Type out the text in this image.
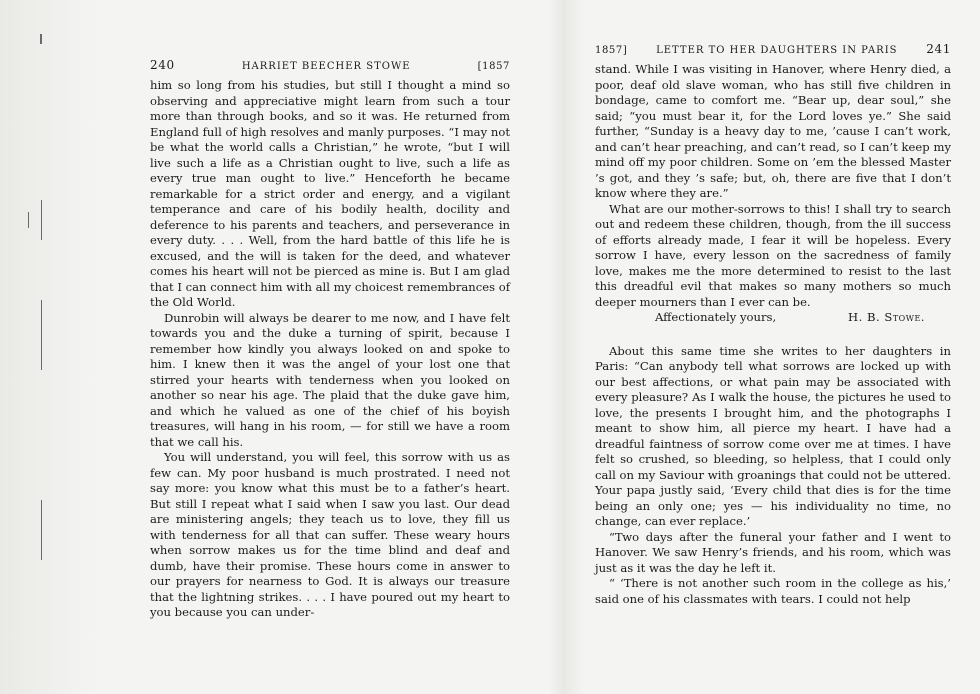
240	HARRIET BEECHER STOWE	[1857

him so long from his studies, but still I thought a mind so observing and appreciative might learn from such a tour more than through books, and so it was. He returned from England full of high resolves and manly purposes. “I may not be what the world calls a Christian,” he wrote, “but I will live such a life as a Christian ought to live, such a life as every true man ought to live.” Henceforth he became remarkable for a strict order and energy, and a vigilant temperance and care of his bodily health, docility and deference to his parents and teachers, and perseverance in every duty. . . . Well, from the hard battle of this life he is excused, and the will is taken for the deed, and whatever comes his heart will not be pierced as mine is. But I am glad that I can connect him with all my choicest remembrances of the Old World.

Dunrobin will always be dearer to me now, and I have felt towards you and the duke a turning of spirit, because I remember how kindly you always looked on and spoke to him. I knew then it was the angel of your lost one that stirred your hearts with tenderness when you looked on another so near his age. The plaid that the duke gave him, and which he valued as one of the chief of his boyish treasures, will hang in his room, — for still we have a room that we call his.

You will understand, you will feel, this sorrow with us as few can. My poor husband is much prostrated. I need not say more: you know what this must be to a father’s heart. But still I repeat what I said when I saw you last. Our dead are ministering angels; they teach us to love, they fill us with tenderness for all that can suffer. These weary hours when sorrow makes us for the time blind and deaf and dumb, have their promise. These hours come in answer to our prayers for nearness to God. It is always our treasure that the lightning strikes. . . . I have poured out my heart to you because you can under-

1857]	LETTER TO HER DAUGHTERS IN PARIS 241

stand. While I was visiting in Hanover, where Henry died, a poor, deaf old slave woman, who has still five children in bondage, came to comfort me. “Bear up, dear soul,” she said; “you must bear it, for the Lord loves ye.” She said further, “Sunday is a heavy day to me, ’cause I can’t work, and can’t hear preaching, and can’t read, so I can’t keep my mind off my poor children. Some on ’em the blessed Master ’s got, and they ’s safe; but, oh, there are five that I don’t know where they are.”

What are our mother-sorrows to this! I shall try to search out and redeem these children, though, from the ill success of efforts already made, I fear it will be hopeless. Every sorrow I have, every lesson on the sacredness of family love, makes me the more determined to resist to the last this dreadful evil that makes so many mothers so much deeper mourners than I ever can be.

Affectionately yours,	H. B. Stowe.

About this same time she writes to her daughters in Paris: “Can anybody tell what sorrows are locked up with our best affections, or what pain may be associated with every pleasure? As I walk the house, the pictures he used to love, the presents I brought him, and the photographs I meant to show him, all pierce my heart. I have had a dreadful faintness of sorrow come over me at times. I have felt so crushed, so bleeding, so helpless, that I could only call on my Saviour with groanings that could not be uttered. Your papa justly said, ‘Every child that dies is for the time being an only one; yes — his individuality no time, no change, can ever replace.’

“Two days after the funeral your father and I went to Hanover. We saw Henry’s friends, and his room, which was just as it was the day he left it.

“ ‘There is not another such room in the college as his,’ said one of his classmates with tears. I could not help
